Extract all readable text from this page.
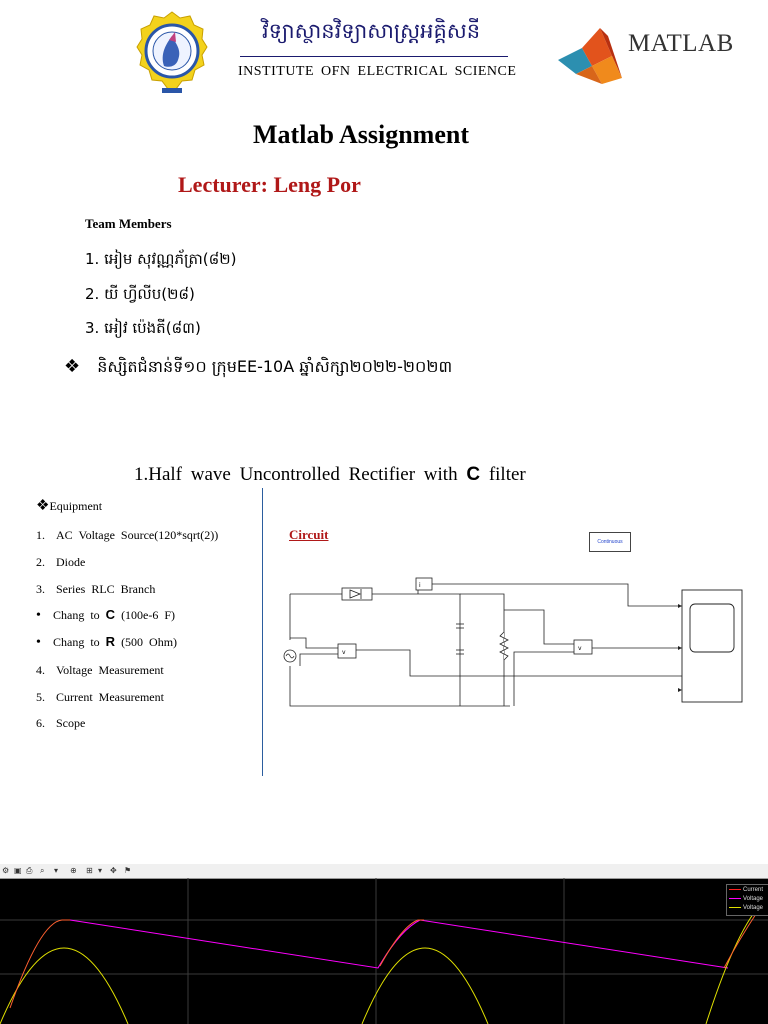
វិទ្យាស្ថានវិទ្យាសាស្ត្រអគ្គិសនី
INSTITUTE OFN ELECTRICAL SCIENCE
MATLAB
Matlab Assignment
Lecturer: Leng Por
Team Members
1. អៀម សុវណ្ណភ័ត្រា(៨២)
2. យី ហ្វីលីប(២៨)
3. អៀវ ប៉េងតី(៨៣)
❖ និស្សិតជំនាន់ទី១០ ក្រុមEE-10A ឆ្នាំសិក្សា២០២២-២០២៣
1.Half wave Uncontrolled Rectifier with C filter
❖Equipment
1. AC Voltage Source(120*sqrt(2))
2. Diode
3. Series RLC Branch
• Chang to C (100e-6 F)
• Chang to R (500 Ohm)
4. Voltage Measurement
5. Current Measurement
6. Scope
Circuit	Continuous
i
v
v
⚙ ▣ ⎙ ⌕ ▾ ⊕ ⊞ ▾ ✥ ⚑
Current
Voltage
Voltage
